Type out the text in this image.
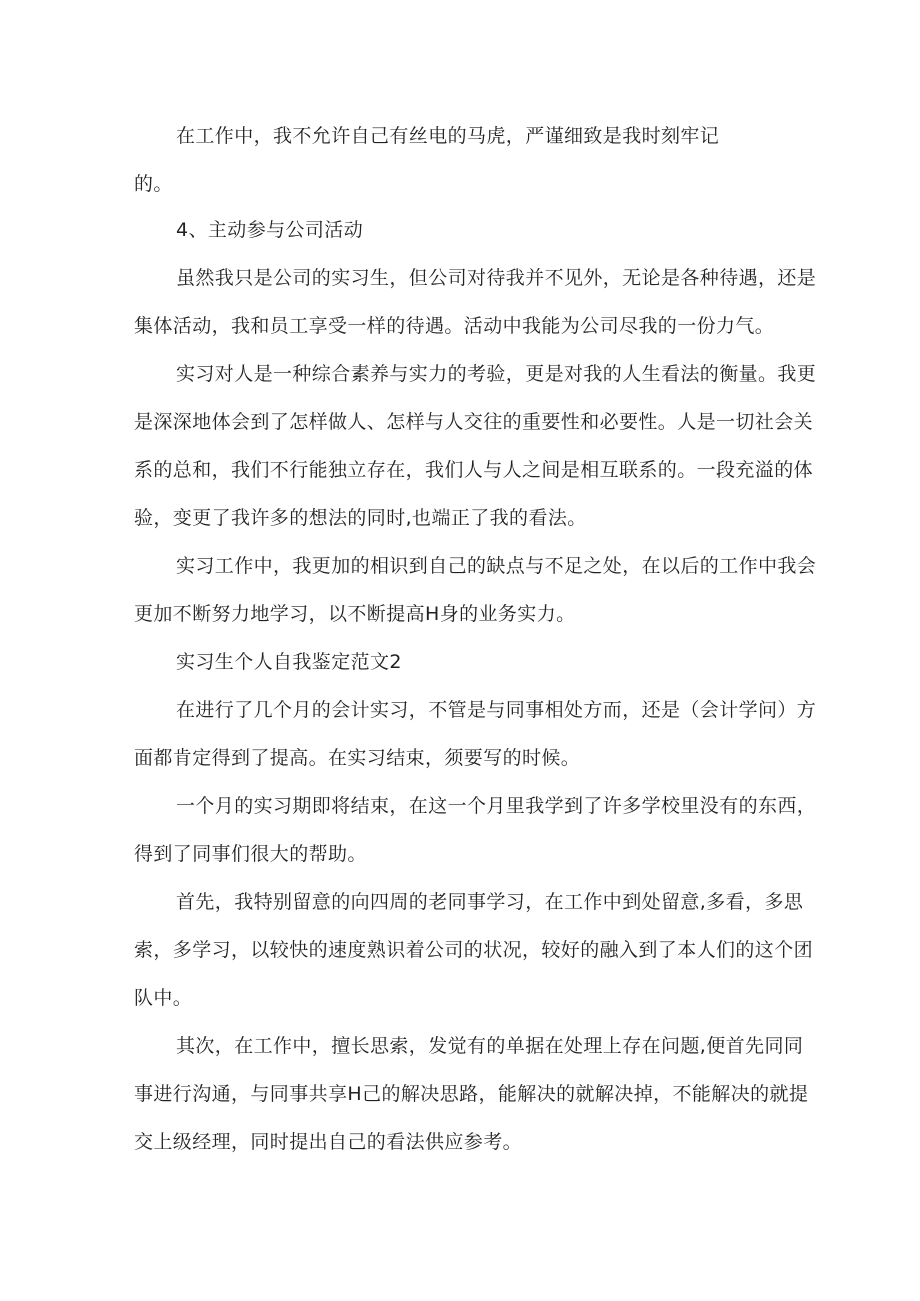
在工作中，我不允许自己有丝电的马虎，严谨细致是我时刻牢记
的。
4、主动参与公司活动
虽然我只是公司的实习生，但公司对待我并不见外，无论是各种待遇，还是
集体活动，我和员工享受一样的待遇。活动中我能为公司尽我的一份力气。
实习对人是一种综合素养与实力的考验，更是对我的人生看法的衡量。我更
是深深地体会到了怎样做人、怎样与人交往的重要性和必要性。人是一切社会关
系的总和，我们不行能独立存在，我们人与人之间是相互联系的。一段充溢的体
验，变更了我许多的想法的同时,也端正了我的看法。
实习工作中，我更加的相识到自己的缺点与不足之处，在以后的工作中我会
更加不断努力地学习，以不断提高H身的业务实力。
实习生个人自我鉴定范文2
在进行了几个月的会计实习，不管是与同事相处方而，还是（会计学问）方
面都肯定得到了提高。在实习结束，须要写的时候。
一个月的实习期即将结束，在这一个月里我学到了许多学校里没有的东西，
得到了同事们很大的帮助。
首先，我特别留意的向四周的老同事学习，在工作中到处留意,多看，多思
索，多学习，以较快的速度熟识着公司的状况，较好的融入到了本人们的这个团
队中。
其次，在工作中，擅长思索，发觉有的单据在处理上存在问题,便首先同同
事进行沟通，与同事共享H己的解决思路，能解决的就解决掉，不能解决的就提
交上级经理，同时提出自己的看法供应参考。
